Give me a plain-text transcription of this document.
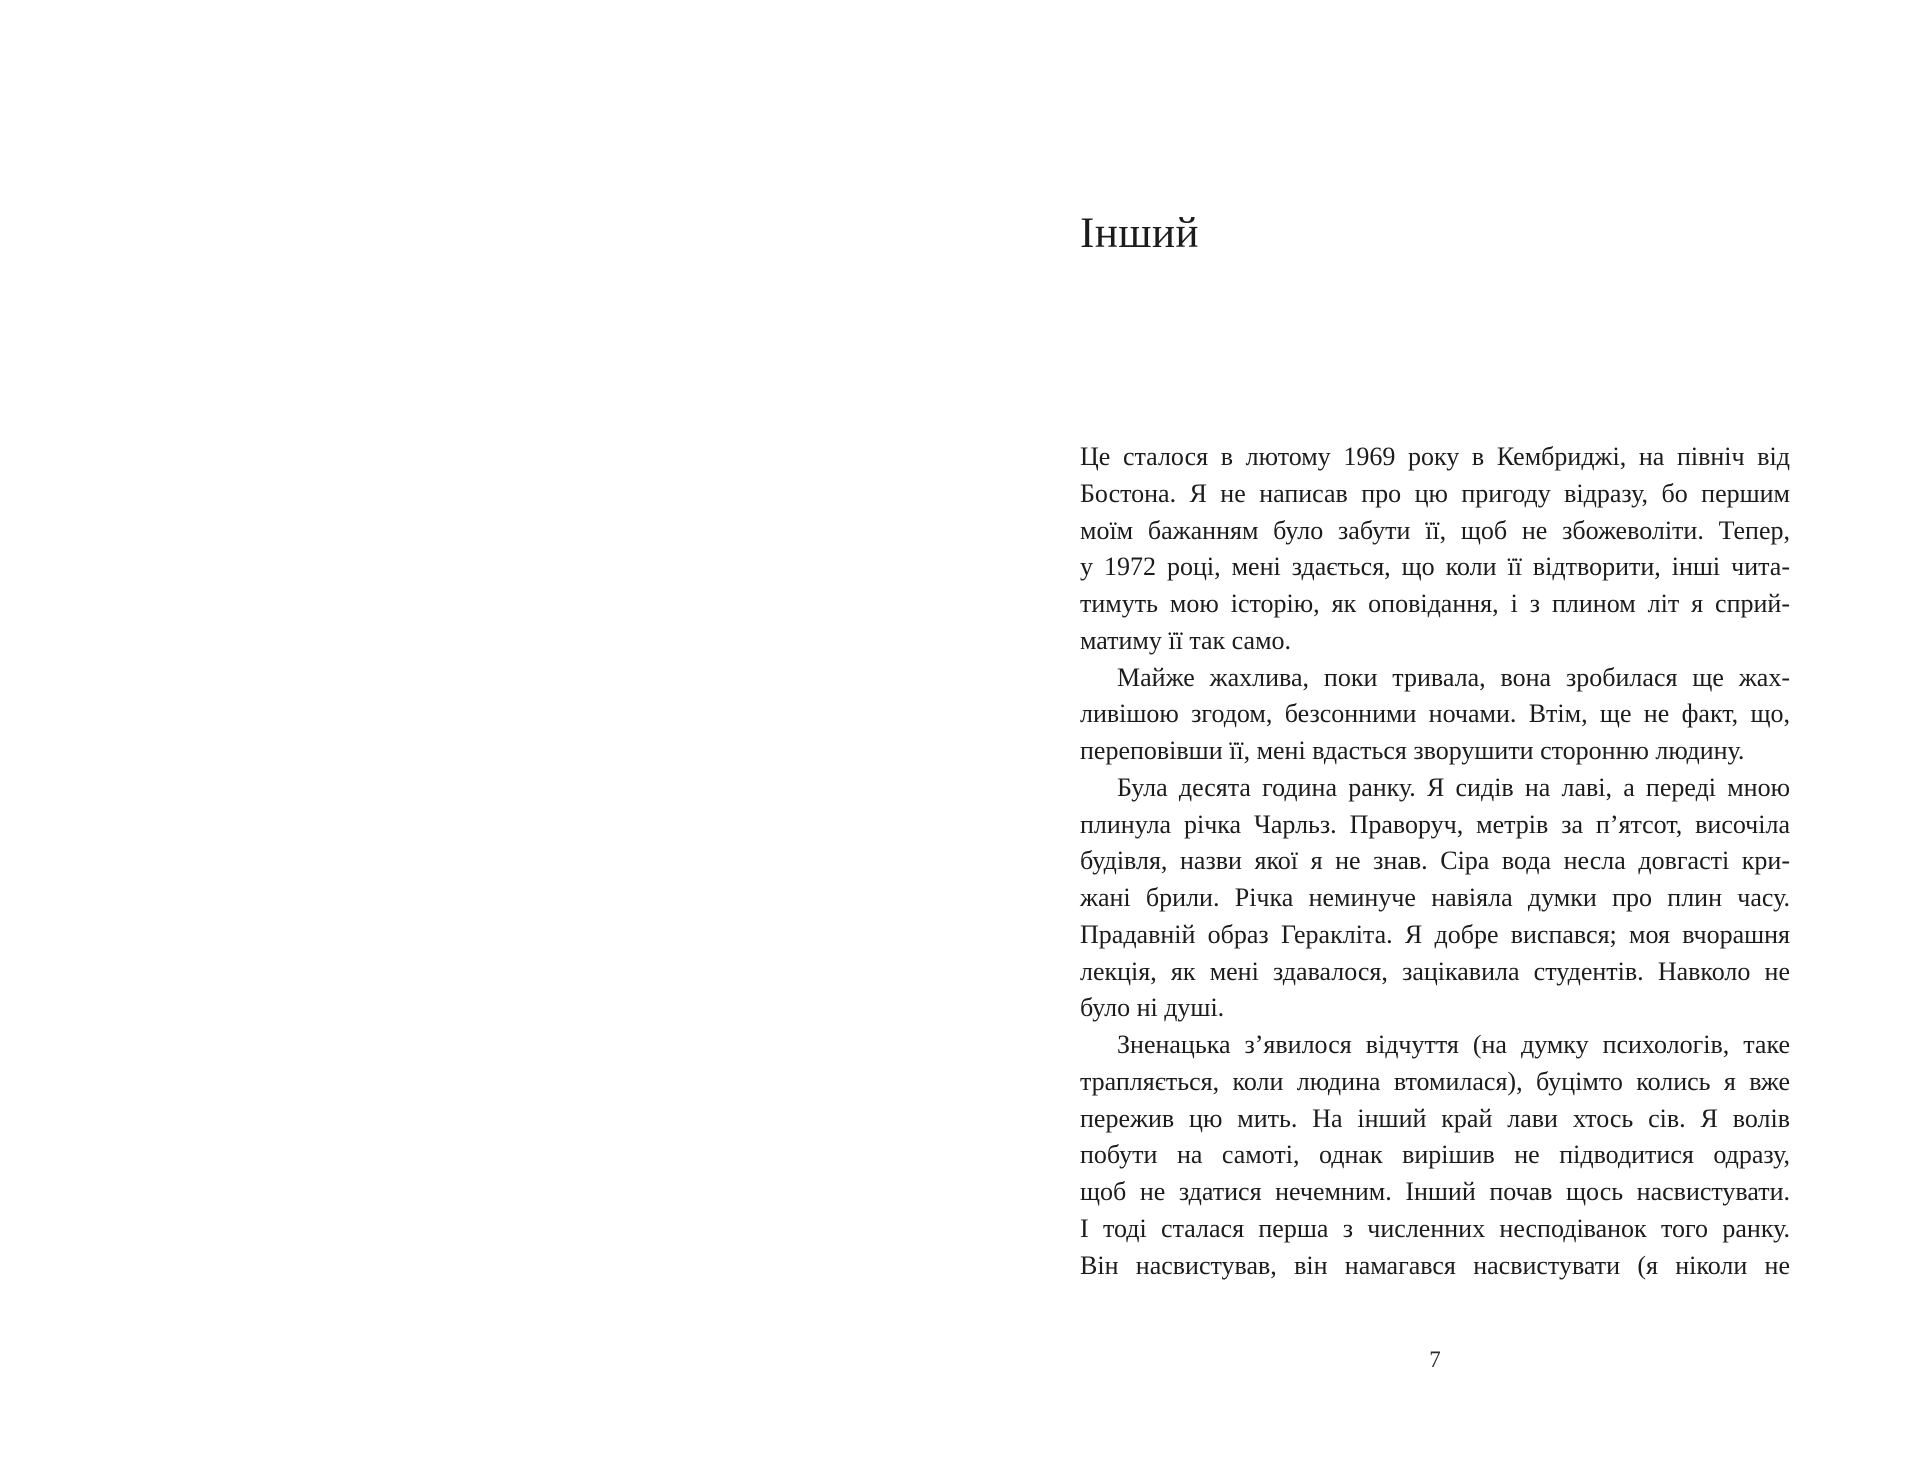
Інший
Це сталося в лютому 1969 року в Кембриджі, на північ від
Бостона. Я не написав про цю пригоду відразу, бо першим
моїм бажанням було забути її, щоб не збожеволіти. Тепер,
у 1972 році, мені здається, що коли її відтворити, інші чита-
тимуть мою історію, як оповідання, і з плином літ я сприй-
матиму її так само.
Майже жахлива, поки тривала, вона зробилася ще жах-
ливішою згодом, безсонними ночами. Втім, ще не факт, що,
переповівши її, мені вдасться зворушити сторонню людину.
Була десята година ранку. Я сидів на лаві, а переді мною
плинула річка Чарльз. Праворуч, метрів за п’ятсот, височіла
будівля, назви якої я не знав. Сіра вода несла довгасті кри-
жані брили. Річка неминуче навіяла думки про плин часу.
Прадавній образ Геракліта. Я добре виспався; моя вчорашня
лекція, як мені здавалося, зацікавила студентів. Навколо не
було ні душі.
Зненацька з’явилося відчуття (на думку психологів, таке
трапляється, коли людина втомилася), буцімто колись я вже
пережив цю мить. На інший край лави хтось сів. Я волів
побути на самоті, однак вирішив не підводитися одразу,
щоб не здатися нечемним. Інший почав щось насвистувати.
І тоді сталася перша з численних несподіванок того ранку.
Він насвистував, він намагався насвистувати (я ніколи не
7
